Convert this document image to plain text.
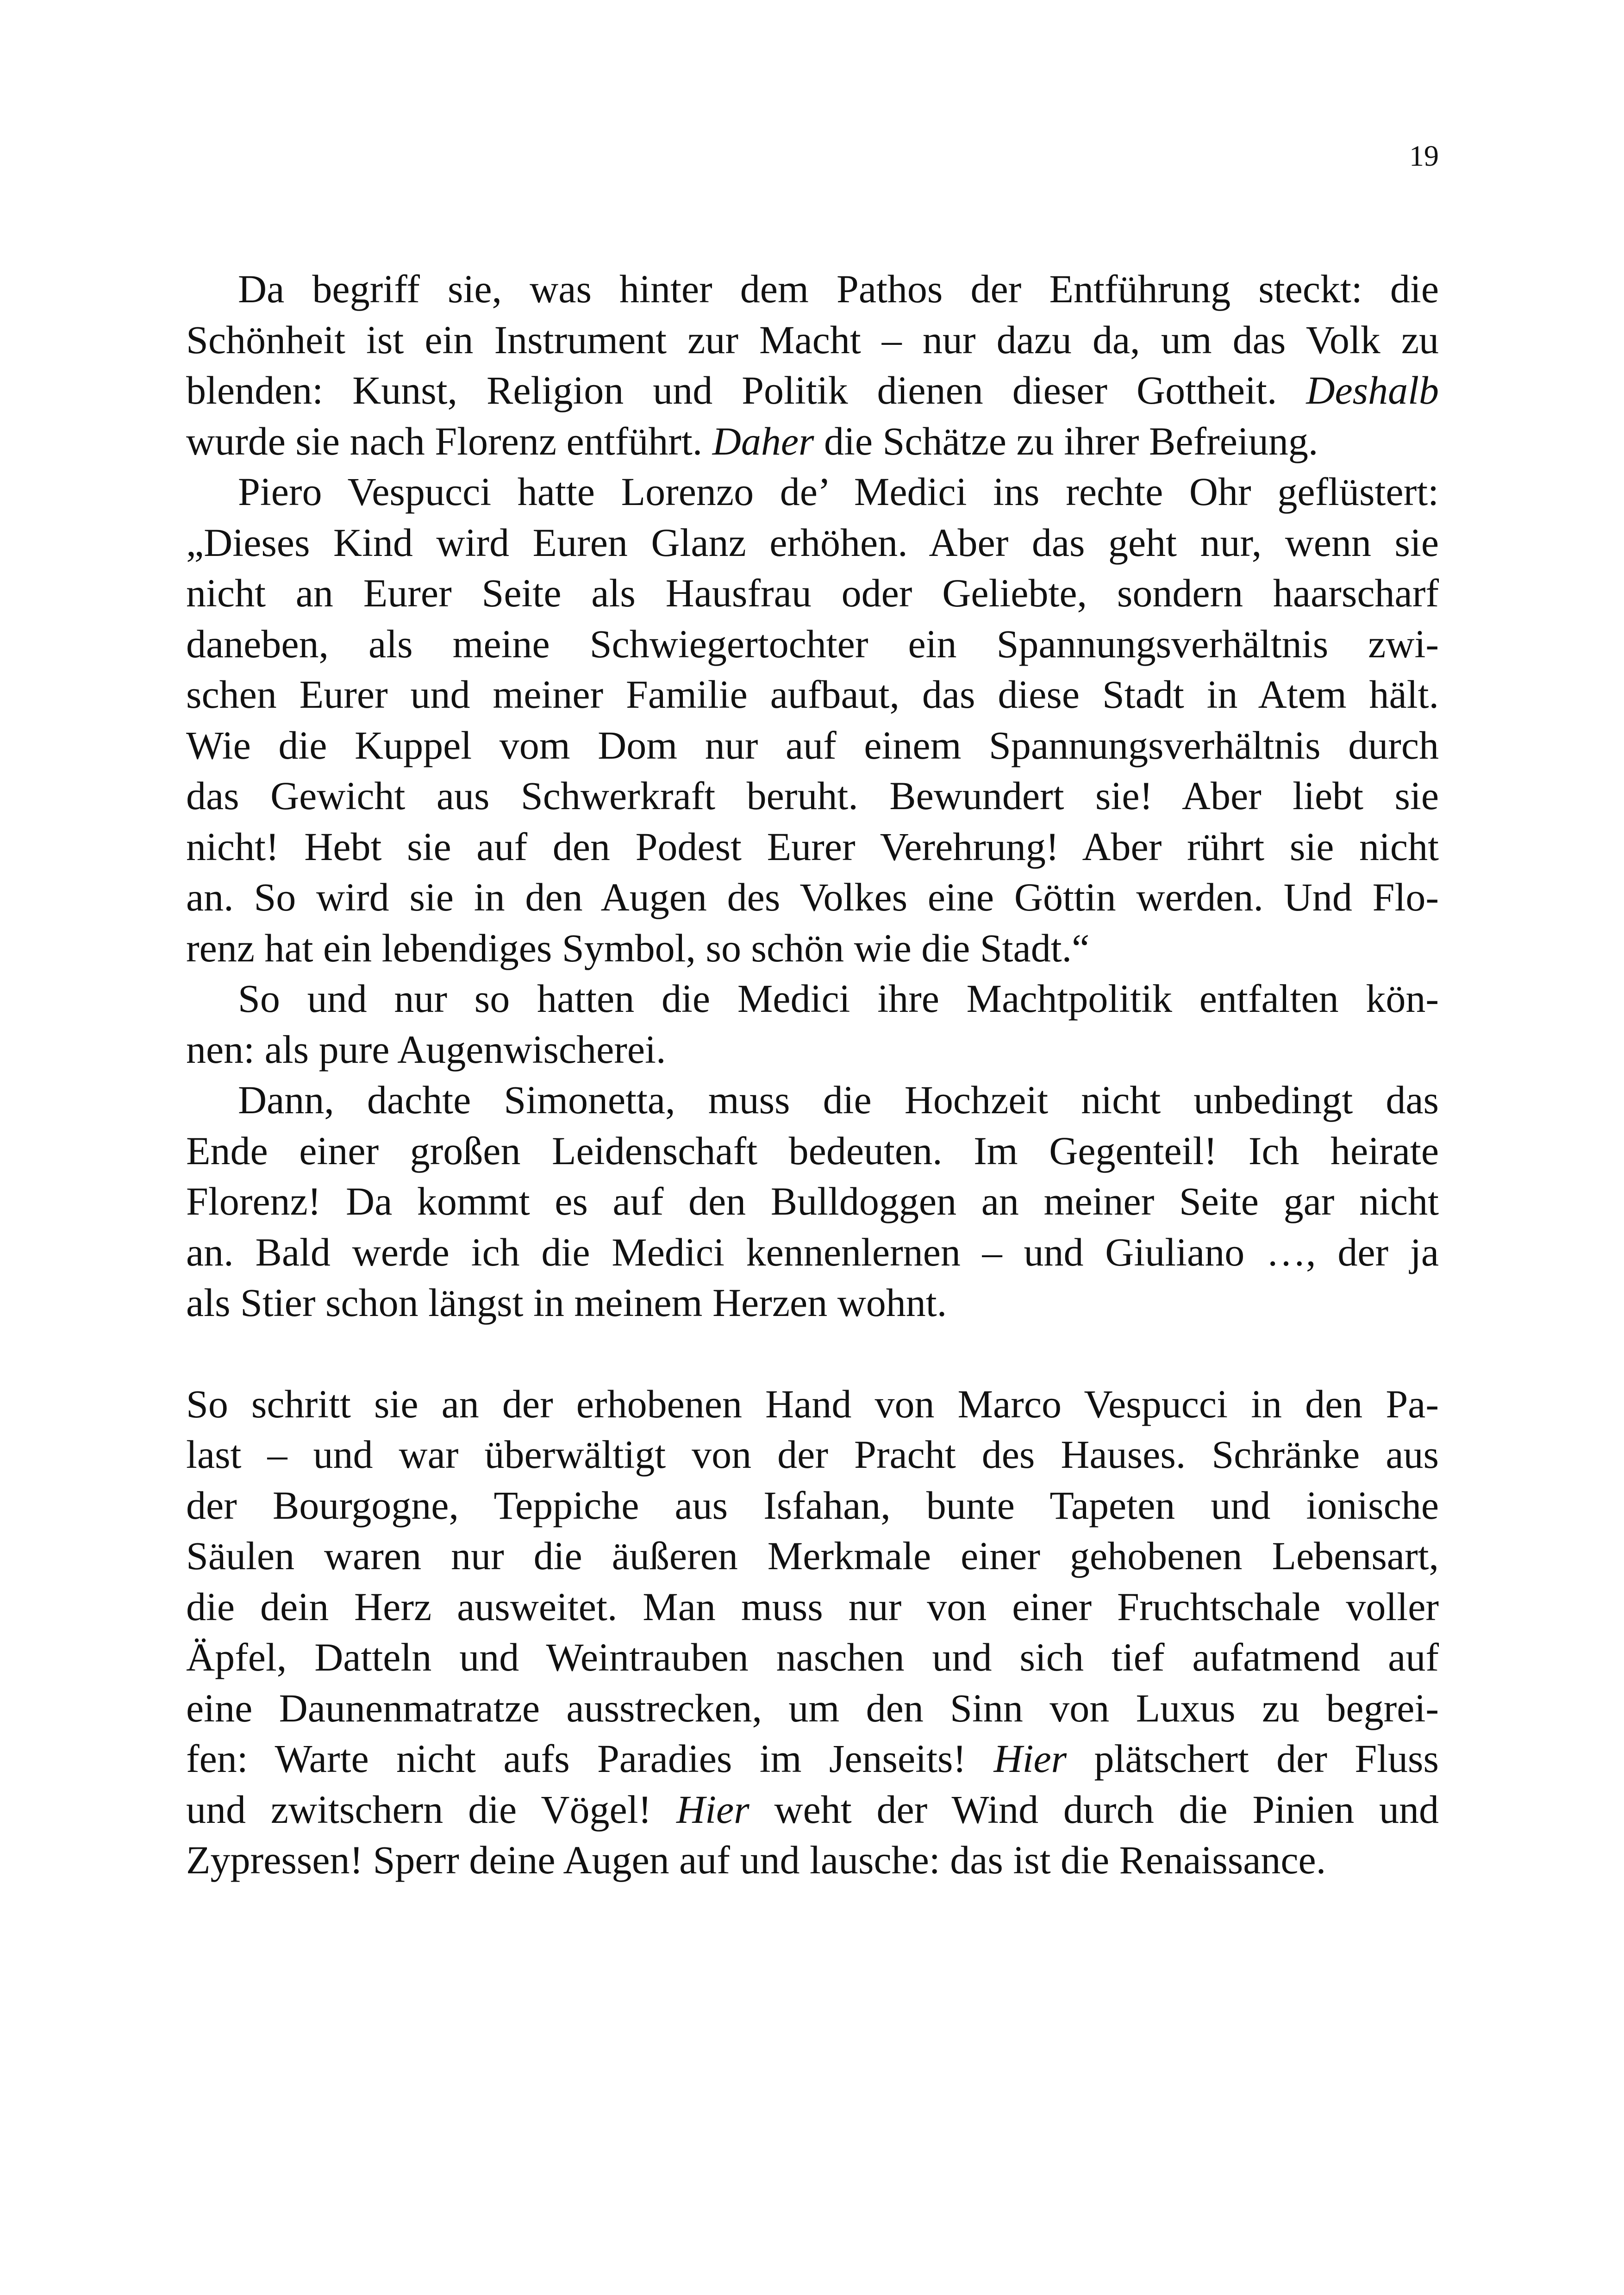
19

Da begriff sie, was hinter dem Pathos der Entführung steckt: die
Schönheit ist ein Instrument zur Macht – nur dazu da, um das Volk zu
blenden: Kunst, Religion und Politik dienen dieser Gottheit. Deshalb
wurde sie nach Florenz entführt. Daher die Schätze zu ihrer Befreiung.

Piero Vespucci hatte Lorenzo de’ Medici ins rechte Ohr geflüstert:
„Dieses Kind wird Euren Glanz erhöhen. Aber das geht nur, wenn sie
nicht an Eurer Seite als Hausfrau oder Geliebte, sondern haarscharf
daneben, als meine Schwiegertochter ein Spannungsverhältnis zwi-
schen Eurer und meiner Familie aufbaut, das diese Stadt in Atem hält.
Wie die Kuppel vom Dom nur auf einem Spannungsverhältnis durch
das Gewicht aus Schwerkraft beruht. Bewundert sie! Aber liebt sie
nicht! Hebt sie auf den Podest Eurer Verehrung! Aber rührt sie nicht
an. So wird sie in den Augen des Volkes eine Göttin werden. Und Flo-
renz hat ein lebendiges Symbol, so schön wie die Stadt.“

So und nur so hatten die Medici ihre Machtpolitik entfalten kön-
nen: als pure Augenwischerei.

Dann, dachte Simonetta, muss die Hochzeit nicht unbedingt das
Ende einer großen Leidenschaft bedeuten. Im Gegenteil! Ich heirate
Florenz! Da kommt es auf den Bulldoggen an meiner Seite gar nicht
an. Bald werde ich die Medici kennenlernen – und Giuliano …, der ja
als Stier schon längst in meinem Herzen wohnt.

So schritt sie an der erhobenen Hand von Marco Vespucci in den Pa-
last – und war überwältigt von der Pracht des Hauses. Schränke aus
der Bourgogne, Teppiche aus Isfahan, bunte Tapeten und ionische
Säulen waren nur die äußeren Merkmale einer gehobenen Lebensart,
die dein Herz ausweitet. Man muss nur von einer Fruchtschale voller
Äpfel, Datteln und Weintrauben naschen und sich tief aufatmend auf
eine Daunenmatratze ausstrecken, um den Sinn von Luxus zu begrei-
fen: Warte nicht aufs Paradies im Jenseits! Hier plätschert der Fluss
und zwitschern die Vögel! Hier weht der Wind durch die Pinien und
Zypressen! Sperr deine Augen auf und lausche: das ist die Renaissance.
